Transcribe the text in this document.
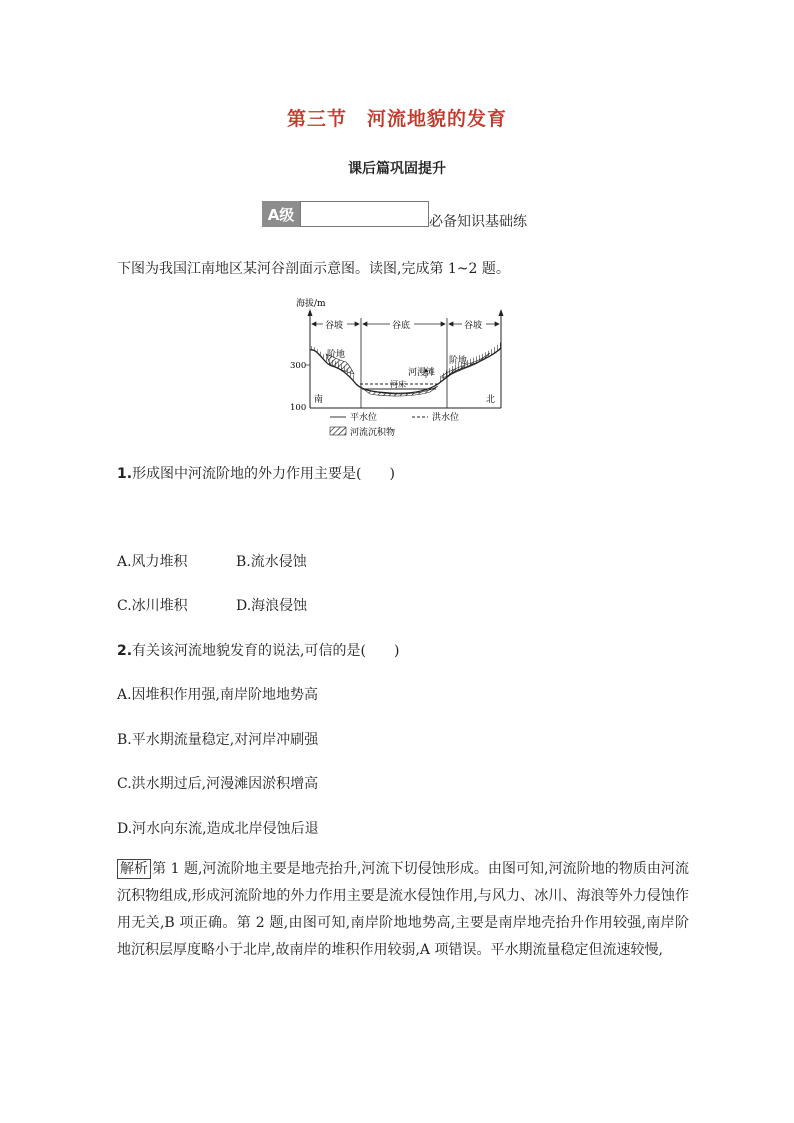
第三节　河流地貌的发育
课后篇巩固提升
A级	必备知识基础练
下图为我国江南地区某河谷剖面示意图。读图,完成第 1~2 题。
海拔/m
300
100
谷坡	谷底	谷坡
阶地
阶地
河漫滩
河床
南	北
平水位	洪水位
河流沉积物
1.形成图中河流阶地的外力作用主要是(　　)
A.风力堆积	B.流水侵蚀
C.冰川堆积	D.海浪侵蚀
2.有关该河流地貌发育的说法,可信的是(　　)
A.因堆积作用强,南岸阶地地势高
B.平水期流量稳定,对河岸冲刷强
C.洪水期过后,河漫滩因淤积增高
D.河水向东流,造成北岸侵蚀后退
解析 第 1 题,河流阶地主要是地壳抬升,河流下切侵蚀形成。由图可知,河流阶地的物质由河流沉积物组成,形成河流阶地的外力作用主要是流水侵蚀作用,与风力、冰川、海浪等外力侵蚀作用无关,B 项正确。第 2 题,由图可知,南岸阶地地势高,主要是南岸地壳抬升作用较强,南岸阶地沉积层厚度略小于北岸,故南岸的堆积作用较弱,A 项错误。平水期流量稳定但流速较慢,
